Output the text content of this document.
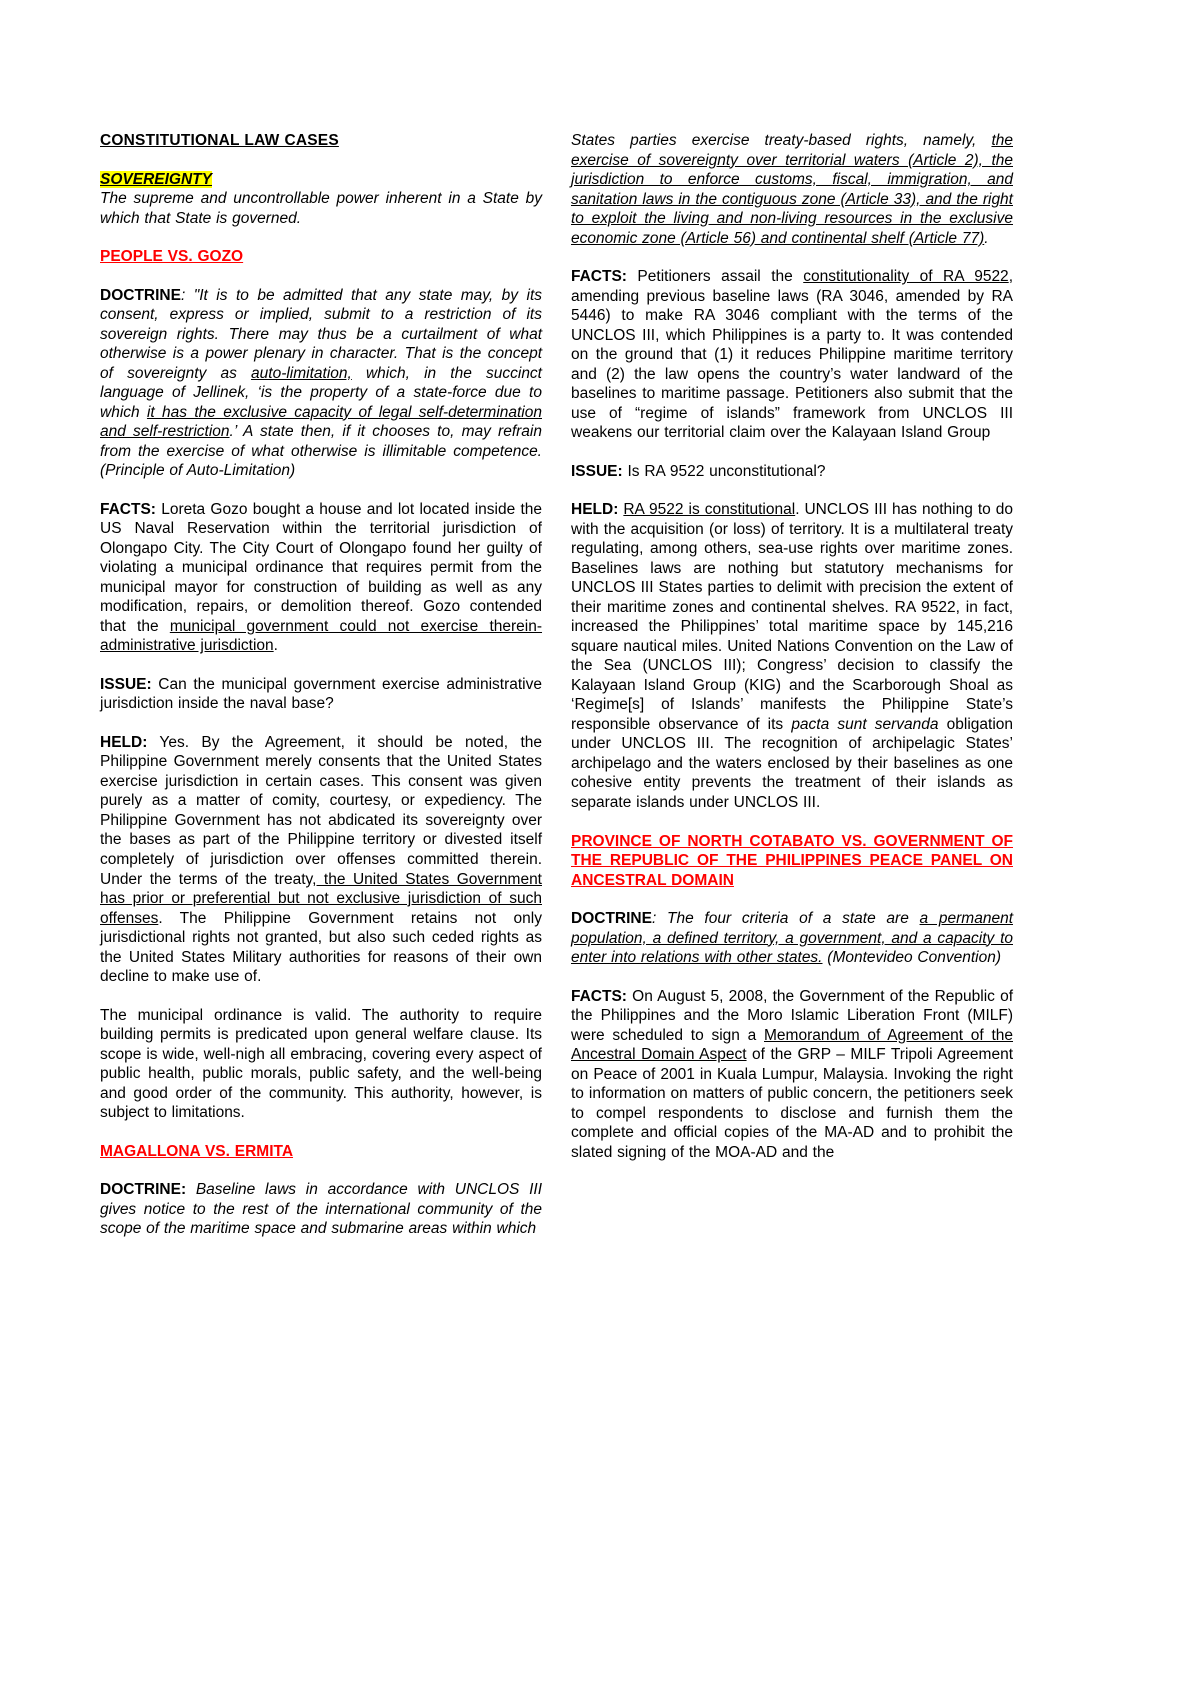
CONSTITUTIONAL LAW CASES

SOVEREIGNTY

The supreme and uncontrollable power inherent in a State by which that State is governed.

PEOPLE VS. GOZO

DOCTRINE: "It is to be admitted that any state may, by its consent, express or implied, submit to a restriction of its sovereign rights. There may thus be a curtailment of what otherwise is a power plenary in character. That is the concept of sovereignty as auto-limitation, which, in the succinct language of Jellinek, ‘is the property of a state-force due to which it has the exclusive capacity of legal self-determination and self-restriction.’ A state then, if it chooses to, may refrain from the exercise of what otherwise is illimitable competence. (Principle of Auto-Limitation)

FACTS: Loreta Gozo bought a house and lot located inside the US Naval Reservation within the territorial jurisdiction of Olongapo City. The City Court of Olongapo found her guilty of violating a municipal ordinance that requires permit from the municipal mayor for construction of building as well as any modification, repairs, or demolition thereof. Gozo contended that the municipal government could not exercise therein-administrative jurisdiction.

ISSUE: Can the municipal government exercise administrative jurisdiction inside the naval base?

HELD: Yes. By the Agreement, it should be noted, the Philippine Government merely consents that the United States exercise jurisdiction in certain cases. This consent was given purely as a matter of comity, courtesy, or expediency. The Philippine Government has not abdicated its sovereignty over the bases as part of the Philippine territory or divested itself completely of jurisdiction over offenses committed therein. Under the terms of the treaty, the United States Government has prior or preferential but not exclusive jurisdiction of such offenses. The Philippine Government retains not only jurisdictional rights not granted, but also such ceded rights as the United States Military authorities for reasons of their own decline to make use of.

The municipal ordinance is valid. The authority to require building permits is predicated upon general welfare clause. Its scope is wide, well-nigh all embracing, covering every aspect of public health, public morals, public safety, and the well-being and good order of the community. This authority, however, is subject to limitations.

MAGALLONA VS. ERMITA

DOCTRINE: Baseline laws in accordance with UNCLOS III gives notice to the rest of the international community of the scope of the maritime space and submarine areas within which

States parties exercise treaty-based rights, namely, the exercise of sovereignty over territorial waters (Article 2), the jurisdiction to enforce customs, fiscal, immigration, and sanitation laws in the contiguous zone (Article 33), and the right to exploit the living and non-living resources in the exclusive economic zone (Article 56) and continental shelf (Article 77).

FACTS: Petitioners assail the constitutionality of RA 9522, amending previous baseline laws (RA 3046, amended by RA 5446) to make RA 3046 compliant with the terms of the UNCLOS III, which Philippines is a party to. It was contended on the ground that (1) it reduces Philippine maritime territory and (2) the law opens the country’s water landward of the baselines to maritime passage. Petitioners also submit that the use of “regime of islands” framework from UNCLOS III weakens our territorial claim over the Kalayaan Island Group

ISSUE: Is RA 9522 unconstitutional?

HELD: RA 9522 is constitutional. UNCLOS III has nothing to do with the acquisition (or loss) of territory. It is a multilateral treaty regulating, among others, sea-use rights over maritime zones. Baselines laws are nothing but statutory mechanisms for UNCLOS III States parties to delimit with precision the extent of their maritime zones and continental shelves. RA 9522, in fact, increased the Philippines’ total maritime space by 145,216 square nautical miles. United Nations Convention on the Law of the Sea (UNCLOS III); Congress’ decision to classify the Kalayaan Island Group (KIG) and the Scarborough Shoal as ‘Regime[s] of Islands’ manifests the Philippine State’s responsible observance of its pacta sunt servanda obligation under UNCLOS III. The recognition of archipelagic States’ archipelago and the waters enclosed by their baselines as one cohesive entity prevents the treatment of their islands as separate islands under UNCLOS III.

PROVINCE OF NORTH COTABATO VS. GOVERNMENT OF THE REPUBLIC OF THE PHILIPPINES PEACE PANEL ON ANCESTRAL DOMAIN

DOCTRINE: The four criteria of a state are a permanent population, a defined territory, a government, and a capacity to enter into relations with other states. (Montevideo Convention)

FACTS: On August 5, 2008, the Government of the Republic of the Philippines and the Moro Islamic Liberation Front (MILF) were scheduled to sign a Memorandum of Agreement of the Ancestral Domain Aspect of the GRP – MILF Tripoli Agreement on Peace of 2001 in Kuala Lumpur, Malaysia. Invoking the right to information on matters of public concern, the petitioners seek to compel respondents to disclose and furnish them the complete and official copies of the MA-AD and to prohibit the slated signing of the MOA-AD and the
